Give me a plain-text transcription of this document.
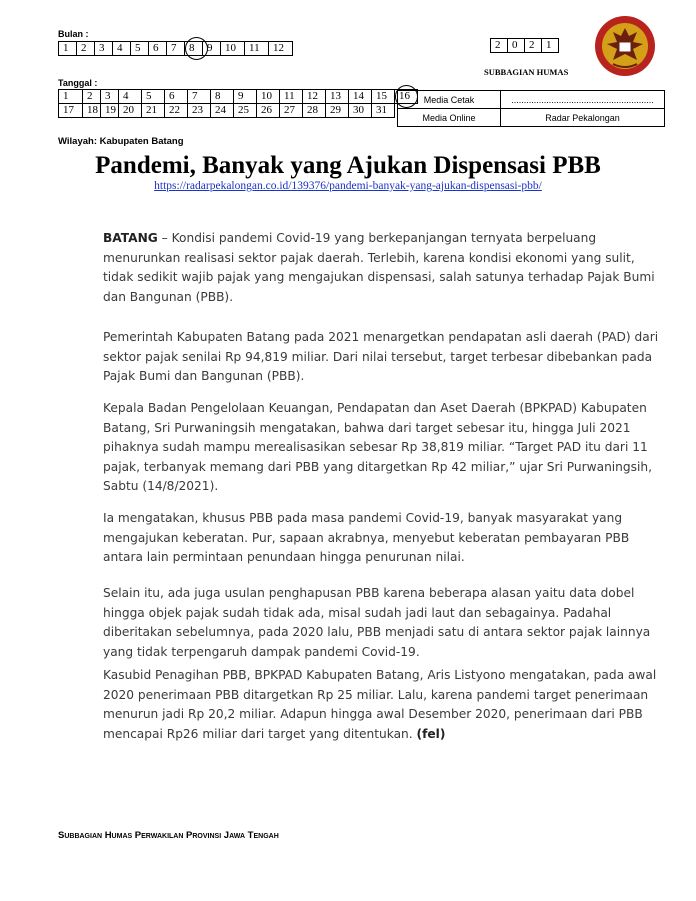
Bulan :
1	2	3	4	5	6	7	8	9	10	11	12
Tanggal :
1	2	3	4	5	6	7	8	9	10	11	12	13	14	15	16
17	18	19	20	21	22	23	24	25	26	27	28	29	30	31	
2	0	2	1
SUBBAGIAN HUMAS
Media Cetak	.........................................................
Media Online	Radar Pekalongan
Wilayah: Kabupaten Batang
Pandemi, Banyak yang Ajukan Dispensasi PBB
https://radarpekalongan.co.id/139376/pandemi-banyak-yang-ajukan-dispensasi-pbb/

BATANG – Kondisi pandemi Covid-19 yang berkepanjangan ternyata berpeluang menurunkan realisasi sektor pajak daerah. Terlebih, karena kondisi ekonomi yang sulit, tidak sedikit wajib pajak yang mengajukan dispensasi, salah satunya terhadap Pajak Bumi dan Bangunan (PBB).

Pemerintah Kabupaten Batang pada 2021 menargetkan pendapatan asli daerah (PAD) dari sektor pajak senilai Rp 94,819 miliar. Dari nilai tersebut, target terbesar dibebankan pada Pajak Bumi dan Bangunan (PBB).

Kepala Badan Pengelolaan Keuangan, Pendapatan dan Aset Daerah (BPKPAD) Kabupaten Batang, Sri Purwaningsih mengatakan, bahwa dari target sebesar itu, hingga Juli 2021 pihaknya sudah mampu merealisasikan sebesar Rp 38,819 miliar. “Target PAD itu dari 11 pajak, terbanyak memang dari PBB yang ditargetkan Rp 42 miliar,” ujar Sri Purwaningsih, Sabtu (14/8/2021).

Ia mengatakan, khusus PBB pada masa pandemi Covid-19, banyak masyarakat yang mengajukan keberatan. Pur, sapaan akrabnya, menyebut keberatan pembayaran PBB antara lain permintaan penundaan hingga penurunan nilai.

Selain itu, ada juga usulan penghapusan PBB karena beberapa alasan yaitu data dobel hingga objek pajak sudah tidak ada, misal sudah jadi laut dan sebagainya. Padahal diberitakan sebelumnya, pada 2020 lalu, PBB menjadi satu di antara sektor pajak lainnya yang tidak terpengaruh dampak pandemi Covid-19.

Kasubid Penagihan PBB, BPKPAD Kabupaten Batang, Aris Listyono mengatakan, pada awal 2020 penerimaan PBB ditargetkan Rp 25 miliar. Lalu, karena pandemi target penerimaan menurun jadi Rp 20,2 miliar. Adapun hingga awal Desember 2020, penerimaan dari PBB mencapai Rp26 miliar dari target yang ditentukan. (fel)

Subbagian Humas Perwakilan Provinsi Jawa Tengah
